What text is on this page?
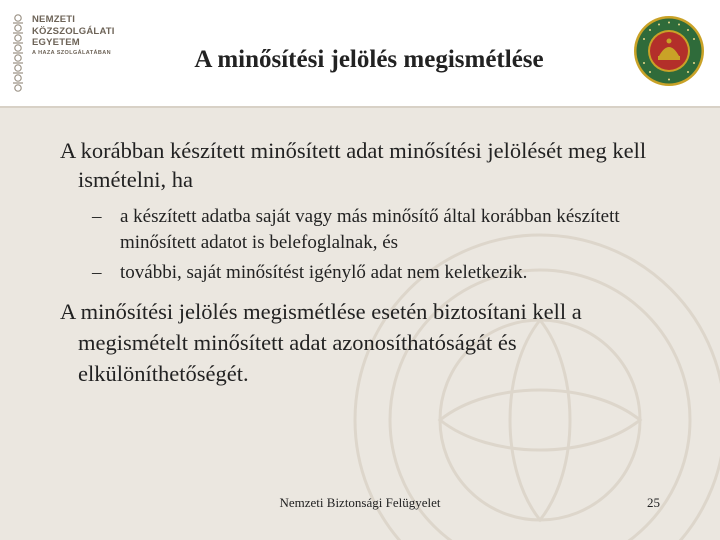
NEMZETI
KÖZSZOLGÁLATI
EGYETEM
A HAZA SZOLGÁLATÁBAN	A minősítési jelölés megismétlése

A korábban készített minősített adat minősítési jelölését meg kell ismételni, ha

– a készített adatba saját vagy más minősítő által korábban készített minősített adatot is belefoglalnak, és
– további, saját minősítést igénylő adat nem keletkezik.

A minősítési jelölés megismétlése esetén biztosítani kell a megismételt minősített adat azonosíthatóságát és elkülöníthetőségét.

Nemzeti Biztonsági Felügyelet	25
